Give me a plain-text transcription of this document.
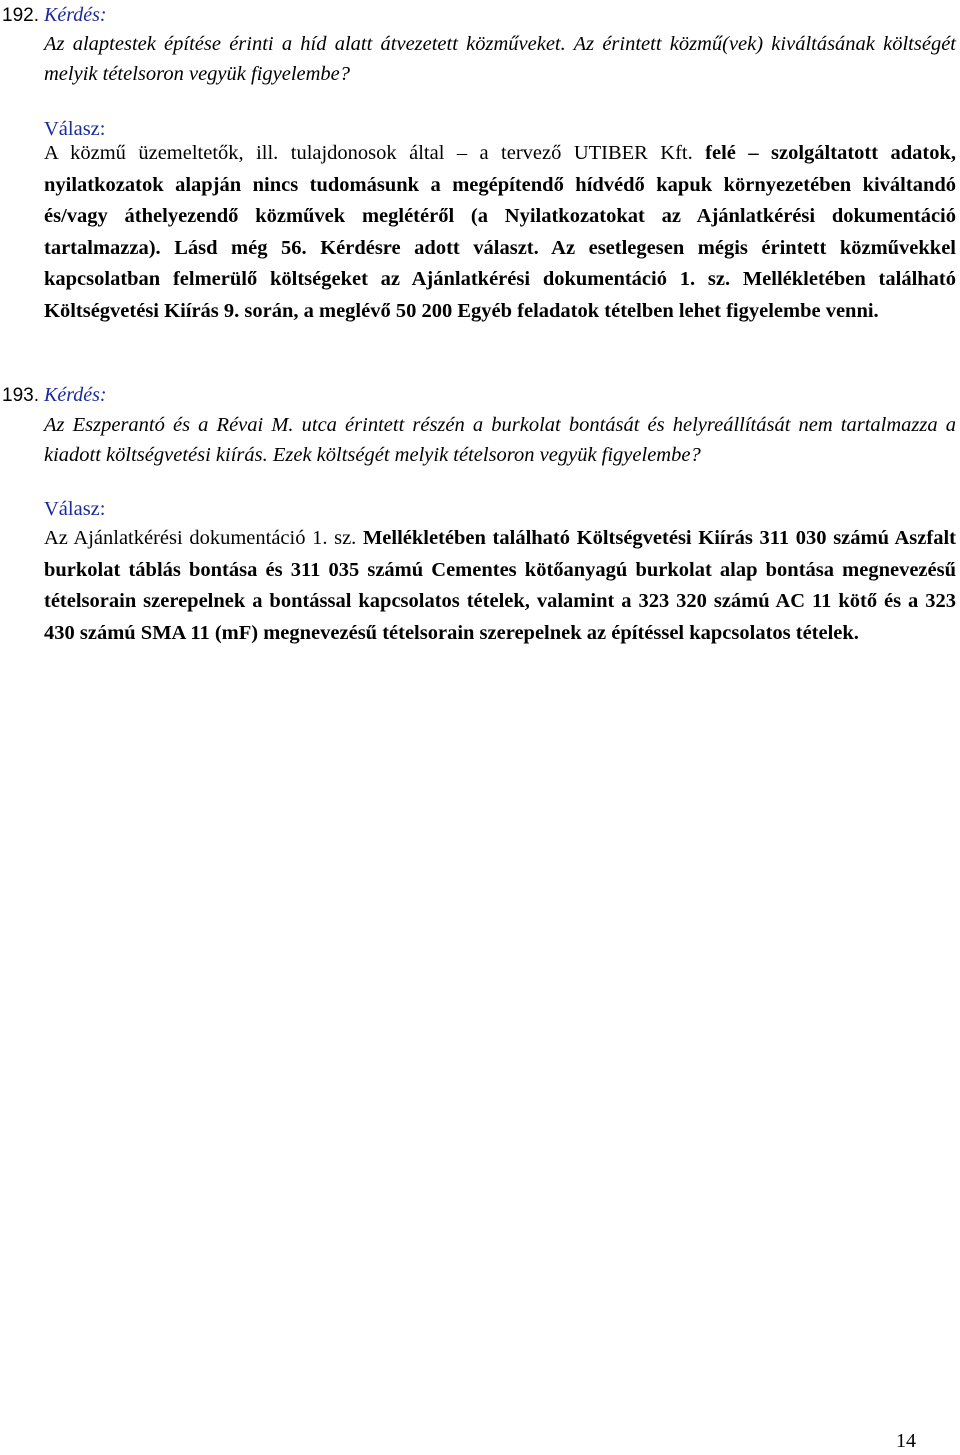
192. Kérdés:

Az alaptestek építése érinti a híd alatt átvezetett közműveket. Az érintett közmű(vek) kiváltásának költségét melyik tételsoron vegyük figyelembe?

Válasz:

A közmű üzemeltetők, ill. tulajdonosok által – a tervező UTIBER Kft. felé – szolgáltatott adatok, nyilatkozatok alapján nincs tudomásunk a megépítendő hídvédő kapuk környezetében kiváltandó és/vagy áthelyezendő közművek meglétéről (a Nyilatkozatokat az Ajánlatkérési dokumentáció tartalmazza). Lásd még 56. Kérdésre adott választ. Az esetlegesen mégis érintett közművekkel kapcsolatban felmerülő költségeket az Ajánlatkérési dokumentáció 1. sz. Mellékletében található Költségvetési Kiírás 9. során, a meglévő 50 200 Egyéb feladatok tételben lehet figyelembe venni.

193. Kérdés:

Az Eszperantó és a Révai M. utca érintett részén a burkolat bontását és helyreállítását nem tartalmazza a kiadott költségvetési kiírás. Ezek költségét melyik tételsoron vegyük figyelembe?

Válasz:

Az Ajánlatkérési dokumentáció 1. sz. Mellékletében található Költségvetési Kiírás 311 030 számú Aszfalt burkolat táblás bontása és 311 035 számú Cementes kötőanyagú burkolat alap bontása megnevezésű tételsorain szerepelnek a bontással kapcsolatos tételek, valamint a 323 320 számú AC 11 kötő és a 323 430 számú SMA 11 (mF) megnevezésű tételsorain szerepelnek az építéssel kapcsolatos tételek.

14
